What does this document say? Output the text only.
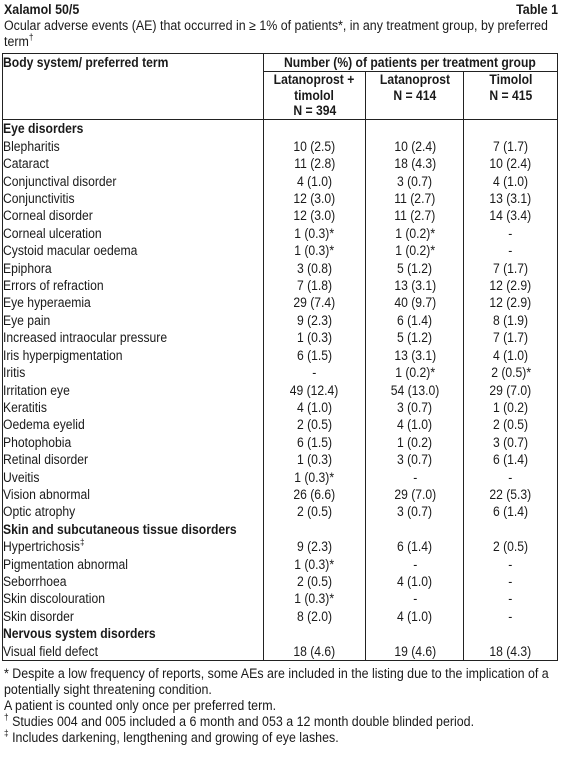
Xalamol 50/5	Table 1
Ocular adverse events (AE) that occurred in ≥ 1% of patients*, in any treatment group, by preferred term†
Body system/ preferred term	Number (%) of patients per treatment group		
	Latanoprost + timolol N = 394	Latanoprost N = 414	Timolol N = 415
Eye disorders			
Blepharitis	10 (2.5)	10 (2.4)	7 (1.7)
Cataract	11 (2.8)	18 (4.3)	10 (2.4)
Conjunctival disorder	4 (1.0)	3 (0.7)	4 (1.0)
Conjunctivitis	12 (3.0)	11 (2.7)	13 (3.1)
Corneal disorder	12 (3.0)	11 (2.7)	14 (3.4)
Corneal ulceration	1 (0.3)*	1 (0.2)*	-
Cystoid macular oedema	1 (0.3)*	1 (0.2)*	-
Epiphora	3 (0.8)	5 (1.2)	7 (1.7)
Errors of refraction	7 (1.8)	13 (3.1)	12 (2.9)
Eye hyperaemia	29 (7.4)	40 (9.7)	12 (2.9)
Eye pain	9 (2.3)	6 (1.4)	8 (1.9)
Increased intraocular pressure	1 (0.3)	5 (1.2)	7 (1.7)
Iris hyperpigmentation	6 (1.5)	13 (3.1)	4 (1.0)
Iritis	-	1 (0.2)*	2 (0.5)*
Irritation eye	49 (12.4)	54 (13.0)	29 (7.0)
Keratitis	4 (1.0)	3 (0.7)	1 (0.2)
Oedema eyelid	2 (0.5)	4 (1.0)	2 (0.5)
Photophobia	6 (1.5)	1 (0.2)	3 (0.7)
Retinal disorder	1 (0.3)	3 (0.7)	6 (1.4)
Uveitis	1 (0.3)*	-	-
Vision abnormal	26 (6.6)	29 (7.0)	22 (5.3)
Optic atrophy	2 (0.5)	3 (0.7)	6 (1.4)
Skin and subcutaneous tissue disorders			
Hypertrichosis‡	9 (2.3)	6 (1.4)	2 (0.5)
Pigmentation abnormal	1 (0.3)*	-	-
Seborrhoea	2 (0.5)	4 (1.0)	-
Skin discolouration	1 (0.3)*	-	-
Skin disorder	8 (2.0)	4 (1.0)	-
Nervous system disorders			
Visual field defect	18 (4.6)	19 (4.6)	18 (4.3)
* Despite a low frequency of reports, some AEs are included in the listing due to the implication of a potentially sight threatening condition.
A patient is counted only once per preferred term.
† Studies 004 and 005 included a 6 month and 053 a 12 month double blinded period.
‡ Includes darkening, lengthening and growing of eye lashes.
